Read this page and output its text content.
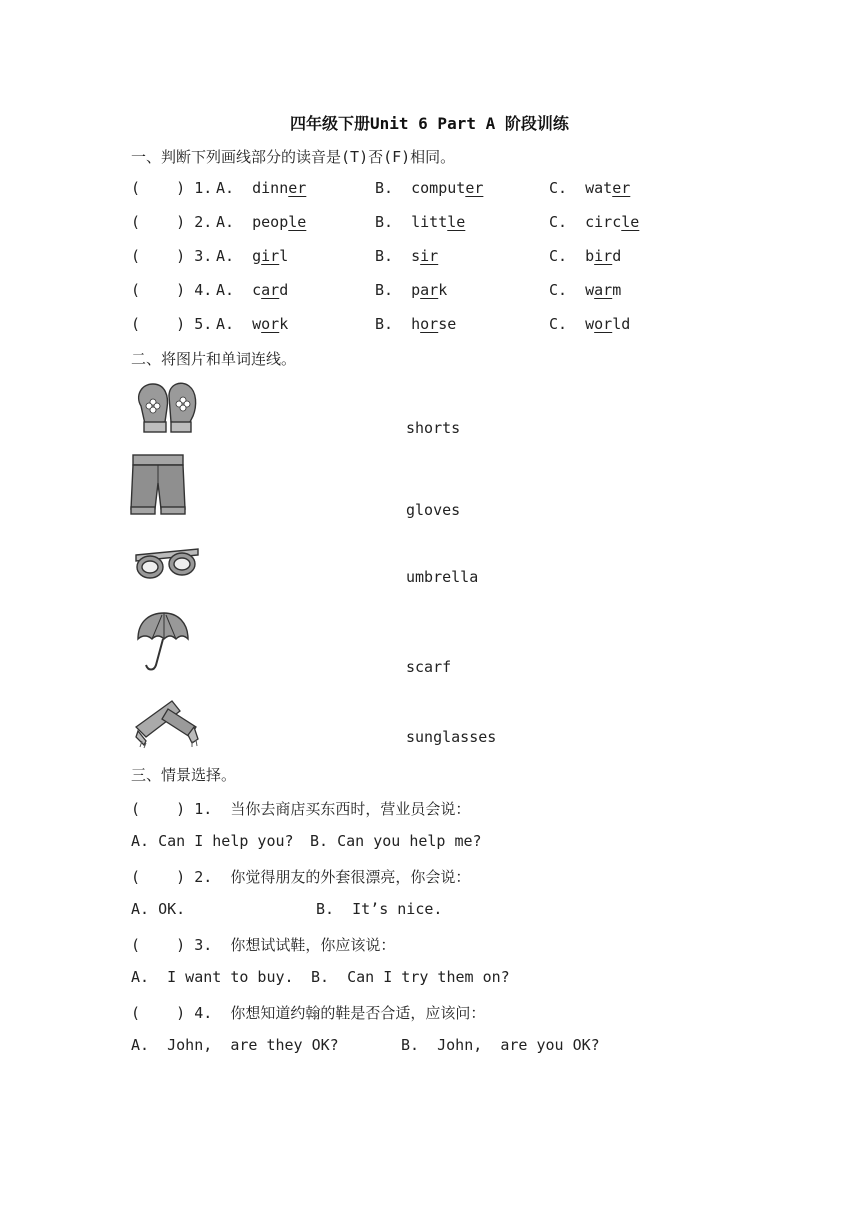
四年级下册Unit 6 Part A 阶段训练
一、判断下列画线部分的读音是(T)否(F)相同。
(    ) 1. A. dinner	B. computer	C. water
(    ) 2. A. people	B. little	C. circle
(    ) 3. A. girl	B. sir	C. bird
(    ) 4. A. card	B. park	C. warm
(    ) 5. A. work	B. horse	C. world
二、将图片和单词连线。
shorts
gloves
umbrella
scarf
sunglasses
三、情景选择。
(    ) 1.  当你去商店买东西时，营业员会说：
A. Can I help you? B. Can you help me?
(    ) 2.  你觉得朋友的外套很漂亮，你会说：
A. OK.	B.  It’s nice.
(    ) 3.  你想试试鞋，你应该说：
A.  I want to buy. B.  Can I try them on?
(    ) 4.  你想知道约翰的鞋是否合适，应该问：
A.  John,  are they OK?	B.  John,  are you OK?
